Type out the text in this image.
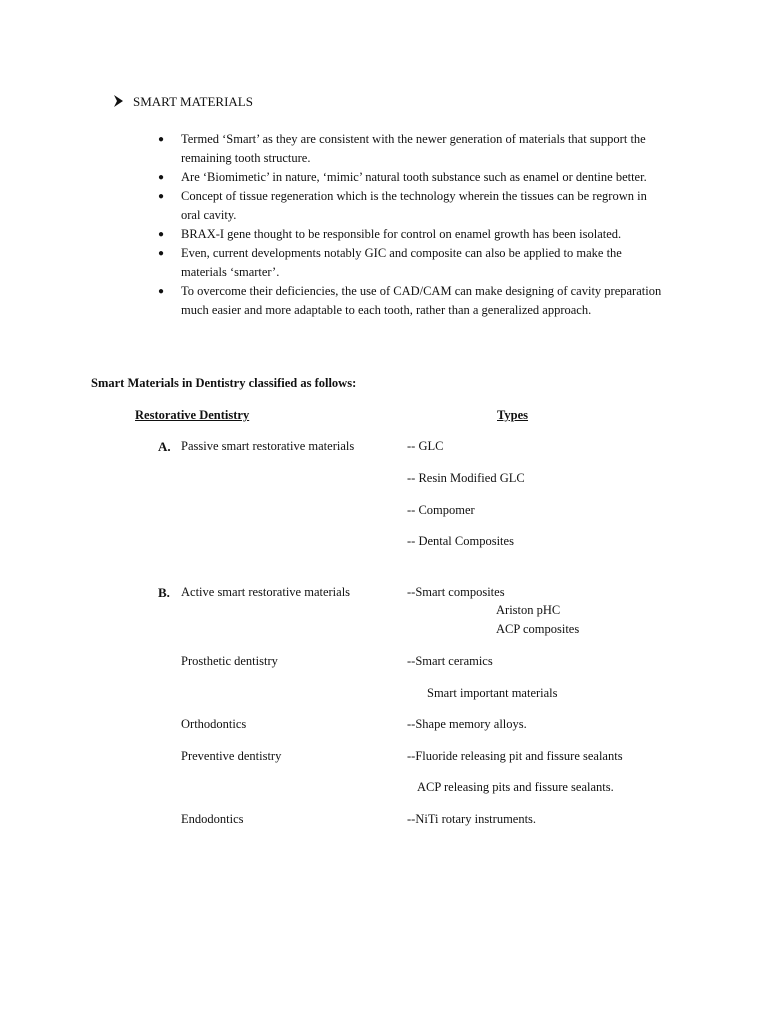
SMART MATERIALS
● Termed ‘Smart’ as they are consistent with the newer generation of materials that support the remaining tooth structure.
● Are ‘Biomimetic’ in nature, ‘mimic’ natural tooth substance such as enamel or dentine better.
● Concept of tissue regeneration which is the technology wherein the tissues can be regrown in oral cavity.
● BRAX-I gene thought to be responsible for control on enamel growth has been isolated.
● Even, current developments notably GIC and composite can also be applied to make the materials ‘smarter’.
● To overcome their deficiencies, the use of CAD/CAM can make designing of cavity preparation much easier and more adaptable to each tooth, rather than a generalized approach.
Smart Materials in Dentistry classified as follows:
Restorative Dentistry	Types
A. Passive smart restorative materials	-- GLC
-- Resin Modified GLC
-- Compomer
-- Dental Composites
B. Active smart restorative materials	--Smart composites
Ariston pHC
ACP composites
Prosthetic dentistry	--Smart ceramics
Smart important materials
Orthodontics	--Shape memory alloys.
Preventive dentistry	--Fluoride releasing pit and fissure sealants
ACP releasing pits and fissure sealants.
Endodontics	--NiTi rotary instruments.
